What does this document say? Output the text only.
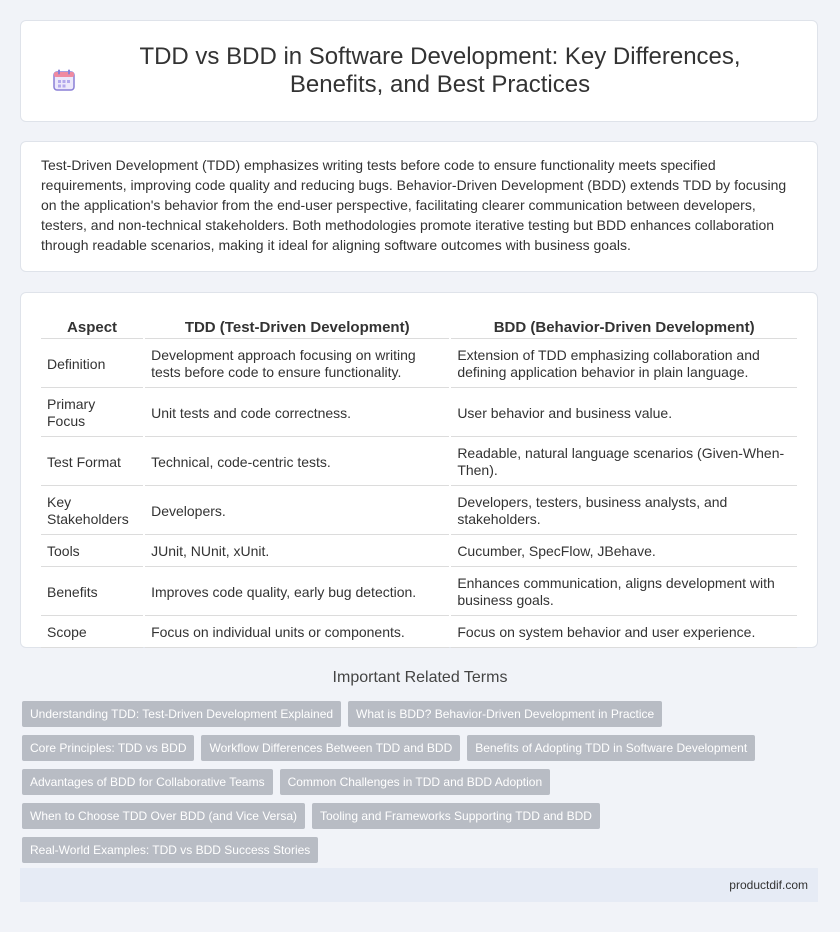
TDD vs BDD in Software Development: Key Differences, Benefits, and Best Practices

Test-Driven Development (TDD) emphasizes writing tests before code to ensure functionality meets specified requirements, improving code quality and reducing bugs. Behavior-Driven Development (BDD) extends TDD by focusing on the application's behavior from the end-user perspective, facilitating clearer communication between developers, testers, and non-technical stakeholders. Both methodologies promote iterative testing but BDD enhances collaboration through readable scenarios, making it ideal for aligning software outcomes with business goals.

Aspect	TDD (Test-Driven Development)	BDD (Behavior-Driven Development)
Definition	Development approach focusing on writing tests before code to ensure functionality.	Extension of TDD emphasizing collaboration and defining application behavior in plain language.
Primary Focus	Unit tests and code correctness.	User behavior and business value.
Test Format	Technical, code-centric tests.	Readable, natural language scenarios (Given-When-Then).
Key Stakeholders	Developers.	Developers, testers, business analysts, and stakeholders.
Tools	JUnit, NUnit, xUnit.	Cucumber, SpecFlow, JBehave.
Benefits	Improves code quality, early bug detection.	Enhances communication, aligns development with business goals.
Scope	Focus on individual units or components.	Focus on system behavior and user experience.
Important Related Terms
Understanding TDD: Test-Driven Development Explained	What is BDD? Behavior-Driven Development in Practice
Core Principles: TDD vs BDD	Workflow Differences Between TDD and BDD	Benefits of Adopting TDD in Software Development
Advantages of BDD for Collaborative Teams	Common Challenges in TDD and BDD Adoption
When to Choose TDD Over BDD (and Vice Versa)	Tooling and Frameworks Supporting TDD and BDD
Real-World Examples: TDD vs BDD Success Stories
productdif.com
